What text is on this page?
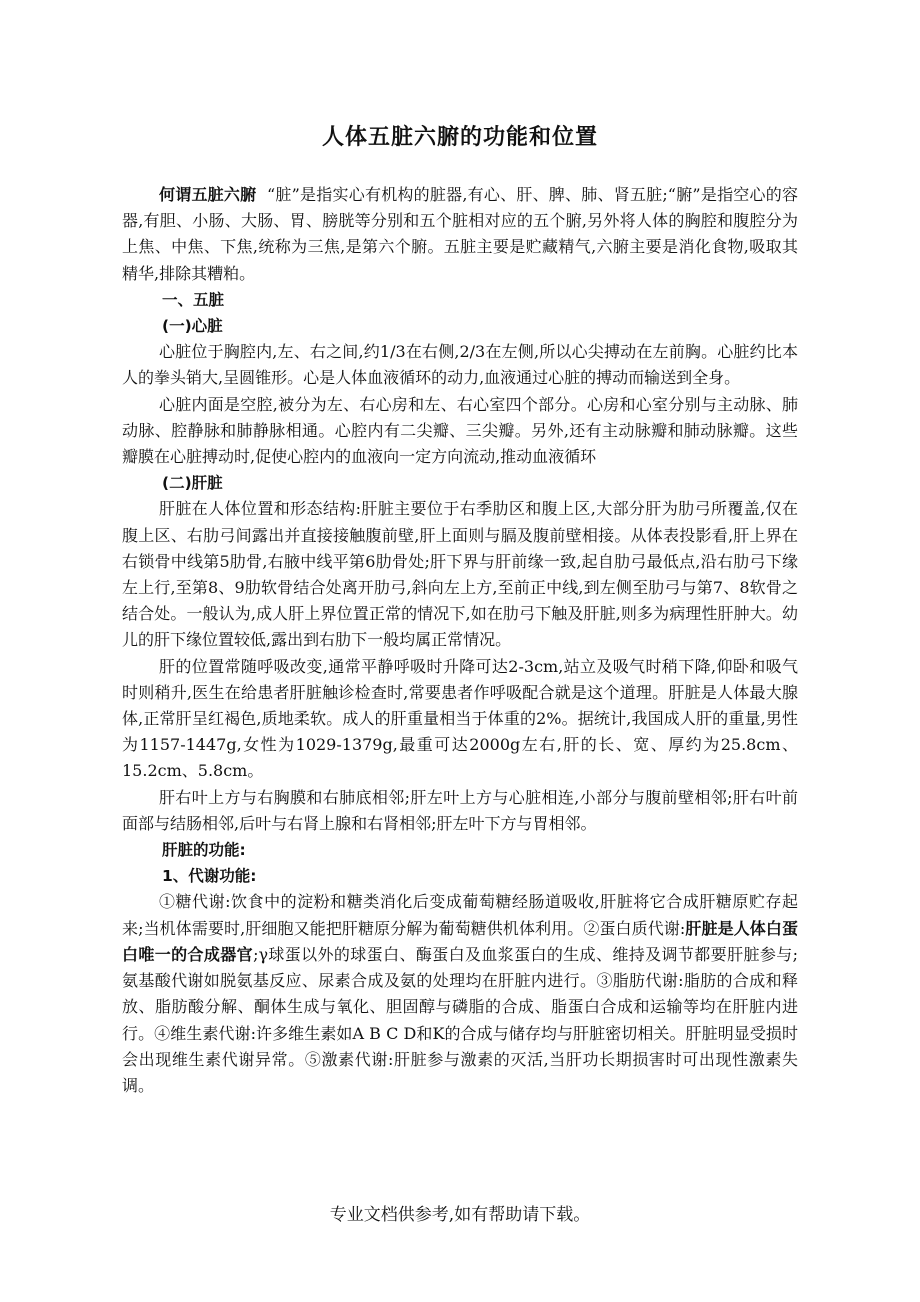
人体五脏六腑的功能和位置

何谓五脏六腑  “脏”是指实心有机构的脏器,有心、肝、脾、肺、肾五脏;“腑”是指空心的容器,有胆、小肠、大肠、胃、膀胱等分别和五个脏相对应的五个腑,另外将人体的胸腔和腹腔分为上焦、中焦、下焦,统称为三焦,是第六个腑。五脏主要是贮藏精气,六腑主要是消化食物,吸取其精华,排除其糟粕。

一、五脏

(一)心脏

心脏位于胸腔内,左、右之间,约1/3在右侧,2/3在左侧,所以心尖搏动在左前胸。心脏约比本人的拳头销大,呈圆锥形。心是人体血液循环的动力,血液通过心脏的搏动而输送到全身。

心脏内面是空腔,被分为左、右心房和左、右心室四个部分。心房和心室分别与主动脉、肺动脉、腔静脉和肺静脉相通。心腔内有二尖瓣、三尖瓣。另外,还有主动脉瓣和肺动脉瓣。这些瓣膜在心脏搏动时,促使心腔内的血液向一定方向流动,推动血液循环

(二)肝脏

肝脏在人体位置和形态结构:肝脏主要位于右季肋区和腹上区,大部分肝为肋弓所覆盖,仅在腹上区、右肋弓间露出并直接接触腹前壁,肝上面则与膈及腹前壁相接。从体表投影看,肝上界在右锁骨中线第5肋骨,右腋中线平第6肋骨处;肝下界与肝前缘一致,起自肋弓最低点,沿右肋弓下缘左上行,至第8、9肋软骨结合处离开肋弓,斜向左上方,至前正中线,到左侧至肋弓与第7、8软骨之结合处。一般认为,成人肝上界位置正常的情况下,如在肋弓下触及肝脏,则多为病理性肝肿大。幼儿的肝下缘位置较低,露出到右肋下一般均属正常情况。

肝的位置常随呼吸改变,通常平静呼吸时升降可达2-3cm,站立及吸气时稍下降,仰卧和吸气时则稍升,医生在给患者肝脏触诊检查时,常要患者作呼吸配合就是这个道理。肝脏是人体最大腺体,正常肝呈红褐色,质地柔软。成人的肝重量相当于体重的2%。据统计,我国成人肝的重量,男性为1157-1447g,女性为1029-1379g,最重可达2000g左右,肝的长、宽、厚约为25.8cm、15.2cm、5.8cm。

肝右叶上方与右胸膜和右肺底相邻;肝左叶上方与心脏相连,小部分与腹前壁相邻;肝右叶前面部与结肠相邻,后叶与右肾上腺和右肾相邻;肝左叶下方与胃相邻。

肝脏的功能:

1、代谢功能:

①糖代谢:饮食中的淀粉和糖类消化后变成葡萄糖经肠道吸收,肝脏将它合成肝糖原贮存起来;当机体需要时,肝细胞又能把肝糖原分解为葡萄糖供机体利用。②蛋白质代谢:肝脏是人体白蛋白唯一的合成器官;γ球蛋以外的球蛋白、酶蛋白及血浆蛋白的生成、维持及调节都要肝脏参与;氨基酸代谢如脱氨基反应、尿素合成及氨的处理均在肝脏内进行。③脂肪代谢:脂肪的合成和释放、脂肪酸分解、酮体生成与氧化、胆固醇与磷脂的合成、脂蛋白合成和运输等均在肝脏内进行。④维生素代谢:许多维生素如A B C D和K的合成与储存均与肝脏密切相关。肝脏明显受损时会出现维生素代谢异常。⑤激素代谢:肝脏参与激素的灭活,当肝功长期损害时可出现性激素失调。

专业文档供参考,如有帮助请下载。
